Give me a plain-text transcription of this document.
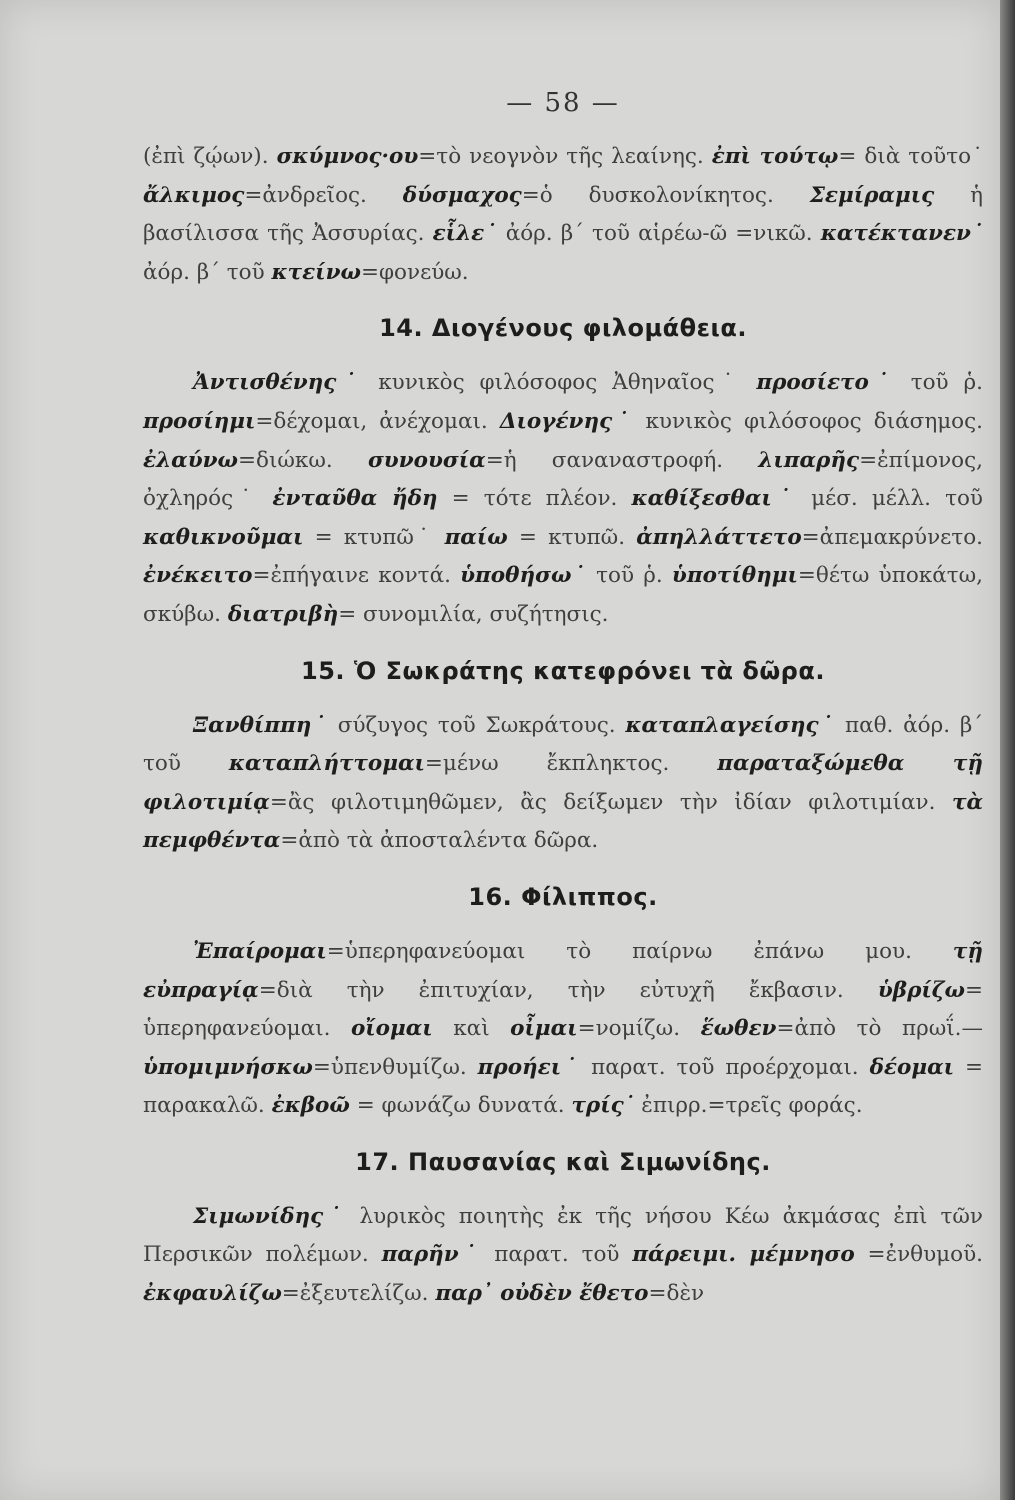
— 58 —

(ἐπὶ ζῴων). σκύμνος·ου=τὸ νεογνὸν τῆς λεαίνης. ἐπὶ τούτῳ= διὰ τοῦτο˙ ἄλκιμος=ἀνδρεῖος. δύσμαχος=ὁ δυσκολονίκητος. Σεμίραμις ἡ βασίλισσα τῆς Ἀσσυρίας. εἷλε˙ ἀόρ. β΄ τοῦ αἱρέω-ῶ =νικῶ. κατέκτανεν˙ ἀόρ. β΄ τοῦ κτείνω=φονεύω.

14. Διογένους φιλομάθεια.

Ἀντισθένης˙ κυνικὸς φιλόσοφος Ἀθηναῖος˙ προσίετο˙ τοῦ ῥ. προσίημι=δέχομαι, ἀνέχομαι. Διογένης˙ κυνικὸς φιλόσοφος διάσημος. ἐλαύνω=διώκω. συνουσία=ἡ σαναναστροφή. λιπαρῆς=ἐπίμονος, ὀχληρός˙ ἐνταῦθα ἤδη = τότε πλέον. καθίξεσθαι˙ μέσ. μέλλ. τοῦ καθικνοῦμαι = κτυπῶ˙ παίω = κτυπῶ. ἀπηλλάττετο=ἀπεμακρύνετο. ἐνέκειτο=ἐπήγαινε κοντά. ὑποθήσω˙ τοῦ ῥ. ὑποτίθημι=θέτω ὑποκάτω, σκύβω. διατριβὴ= συνομιλία, συζήτησις.

15. Ὁ Σωκράτης κατεφρόνει τὰ δῶρα.

Ξανθίππη˙ σύζυγος τοῦ Σωκράτους. καταπλαγείσης˙ παθ. ἀόρ. β΄ τοῦ καταπλήττομαι=μένω ἔκπληκτος. παραταξώμεθα τῇ φιλοτιμίᾳ=ἂς φιλοτιμηθῶμεν, ἂς δείξωμεν τὴν ἰδίαν φιλοτιμίαν. τὰ πεμφθέντα=ἀπὸ τὰ ἀποσταλέντα δῶρα.

16. Φίλιππος.

Ἐπαίρομαι=ὑπερηφανεύομαι τὸ παίρνω ἐπάνω μου. τῇ εὐπραγίᾳ=διὰ τὴν ἐπιτυχίαν, τὴν εὐτυχῆ ἔκβασιν. ὑβρίζω= ὑπερηφανεύομαι. οἴομαι καὶ οἶμαι=νομίζω. ἕωθεν=ἀπὸ τὸ πρωΐ.—ὑπομιμνήσκω=ὑπενθυμίζω. προήει˙ παρατ. τοῦ προέρχομαι. δέομαι = παρακαλῶ. ἐκβοῶ = φωνάζω δυνατά. τρίς˙ ἐπιρρ.=τρεῖς φοράς.

17. Παυσανίας καὶ Σιμωνίδης.

Σιμωνίδης˙ λυρικὸς ποιητὴς ἐκ τῆς νήσου Κέω ἀκμάσας ἐπὶ τῶν Περσικῶν πολέμων. παρῆν˙ παρατ. τοῦ πάρειμι. μέμνησο =ἐνθυμοῦ. ἐκφαυλίζω=ἐξευτελίζω. παρ᾽ οὐδὲν ἔθετο=δὲν
